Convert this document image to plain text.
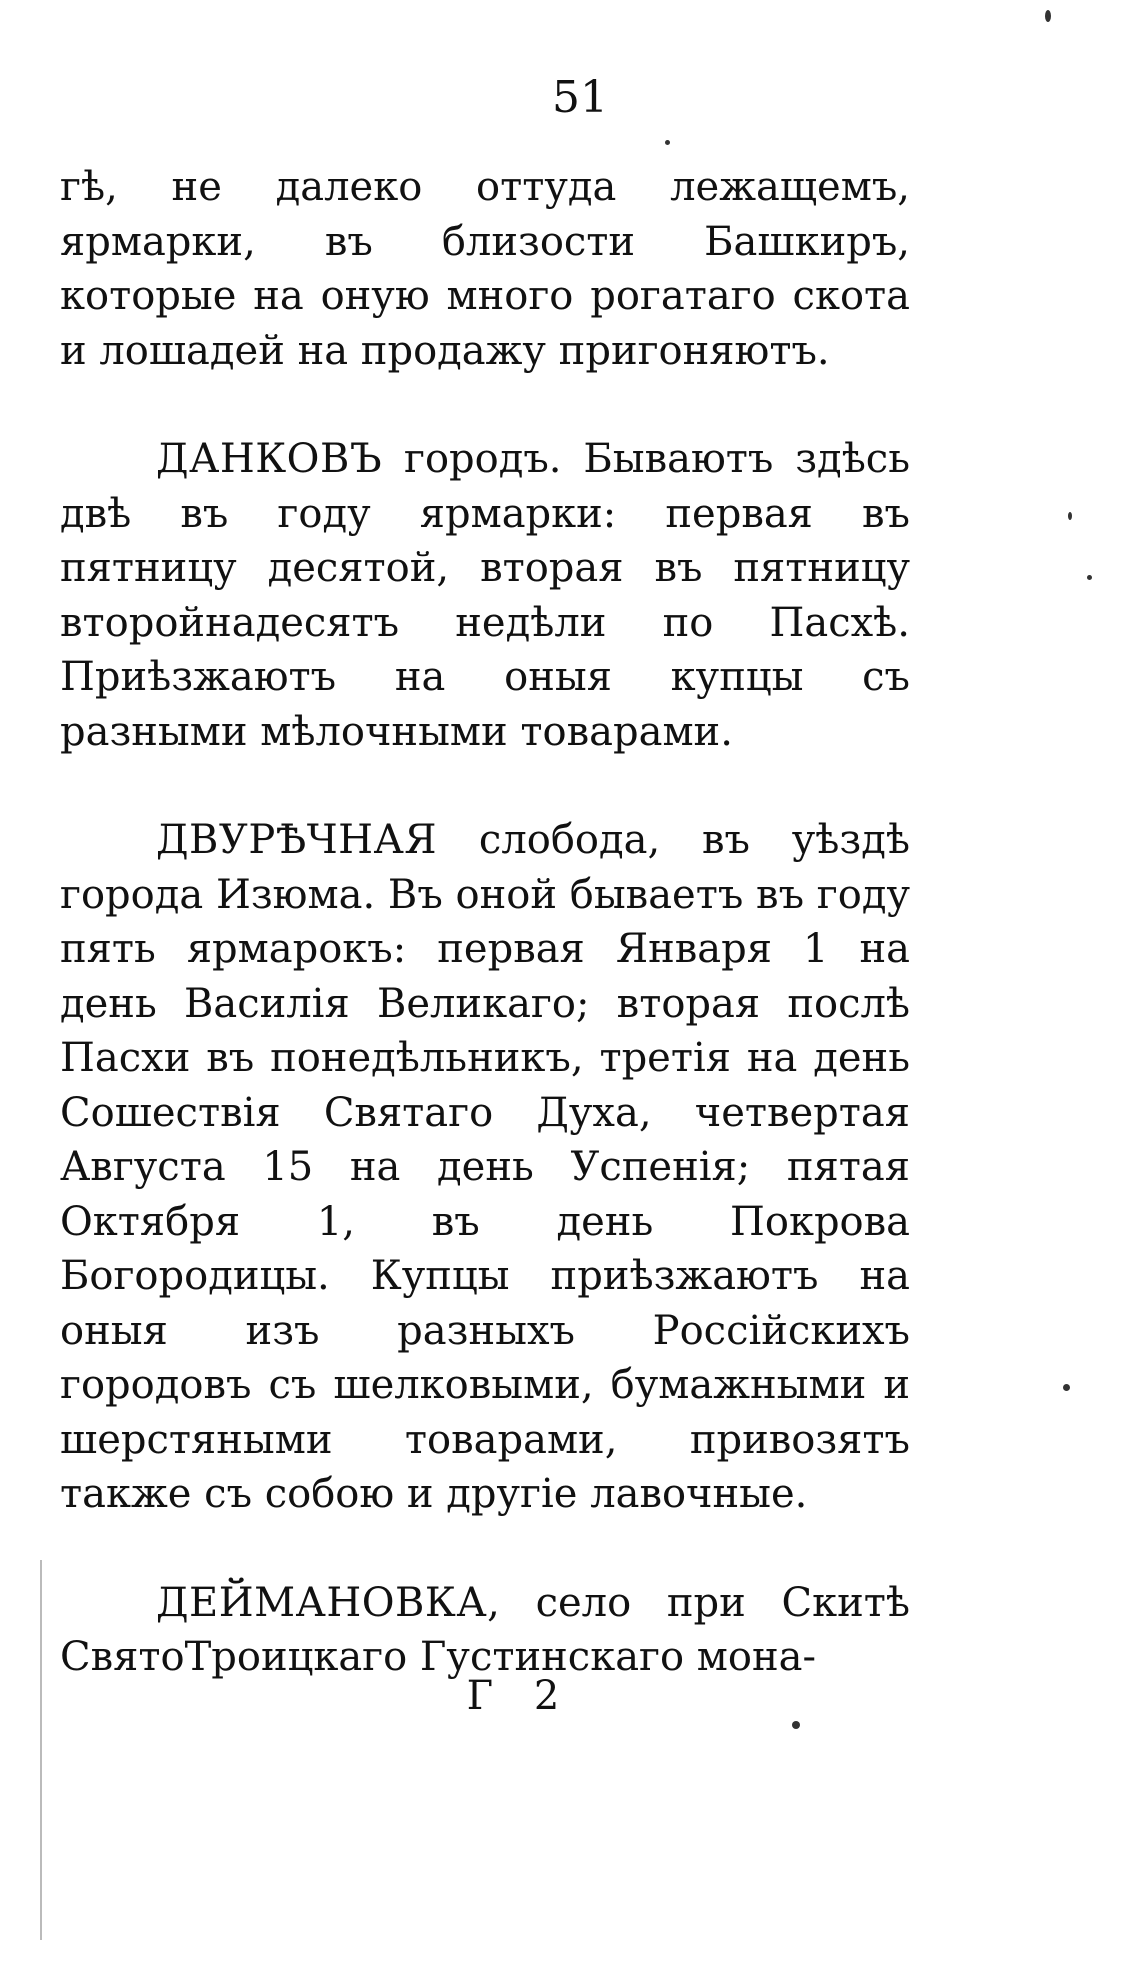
51

гѣ, не далеко оттуда лежащемъ, ярмарки, въ близости Башкиръ, которые на оную много рогатаго скота и лошадей на продажу пригоняютъ.

ДАНКОВЪ городъ. Бываютъ здѣсь двѣ въ году ярмарки: первая въ пятницу десятой, вторая въ пятницу второйнадесятъ недѣли по Пасхѣ. Приѣзжаютъ на оныя купцы съ разными мѣлочными товарами.

ДВУРѢЧНАЯ слобода, въ уѣздѣ города Изюма. Въ оной бываетъ въ году пять ярмарокъ: первая Января 1 на день Василія Великаго; вторая послѣ Пасхи въ понедѣльникъ, третія на день Сошествія Святаго Духа, четвертая Августа 15 на день Успенія; пятая Октября 1, въ день Покрова Богородицы. Купцы приѣзжаютъ на оныя изъ разныхъ Россійскихъ городовъ съ шелковыми, бумажными и шерстяными товарами, привозятъ также съ собою и другіе лавочные.

ДЕЙМАНОВКА, село при Скитѣ СвятоТроицкаго Густинскаго мона-

Г 2
